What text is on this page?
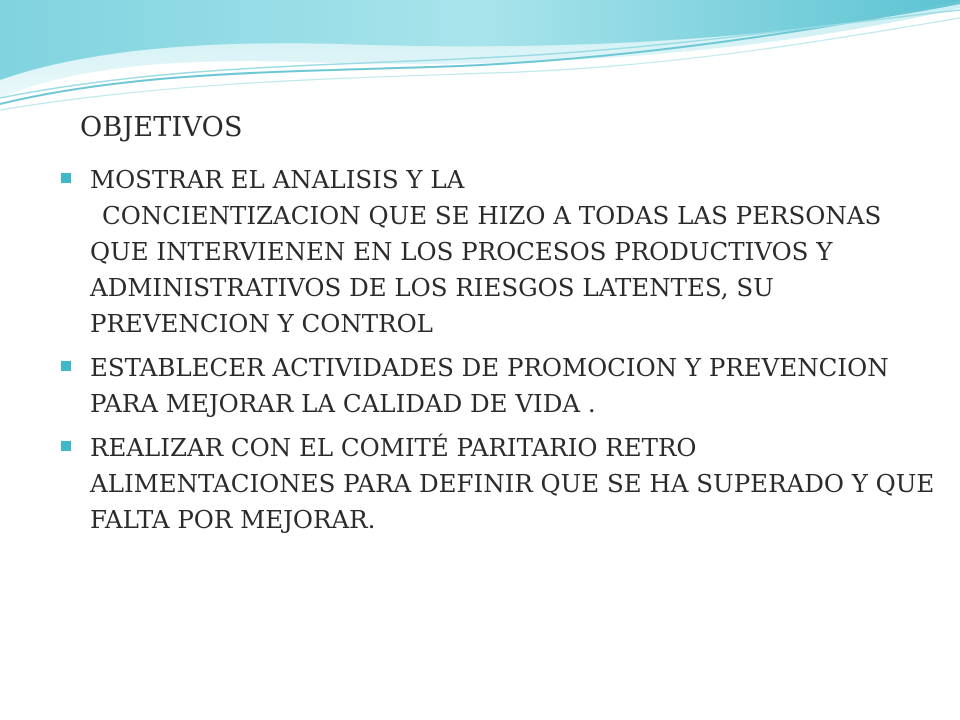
OBJETIVOS

MOSTRAR EL ANALISIS Y LA

CONCIENTIZACION QUE SE HIZO A TODAS LAS PERSONAS QUE INTERVIENEN EN LOS PROCESOS PRODUCTIVOS Y ADMINISTRATIVOS DE LOS RIESGOS LATENTES, SU PREVENCION Y CONTROL

ESTABLECER ACTIVIDADES DE PROMOCION Y PREVENCION PARA MEJORAR LA CALIDAD DE VIDA .

REALIZAR CON EL COMITÉ PARITARIO RETRO ALIMENTACIONES PARA DEFINIR QUE SE HA SUPERADO Y QUE FALTA POR MEJORAR.
